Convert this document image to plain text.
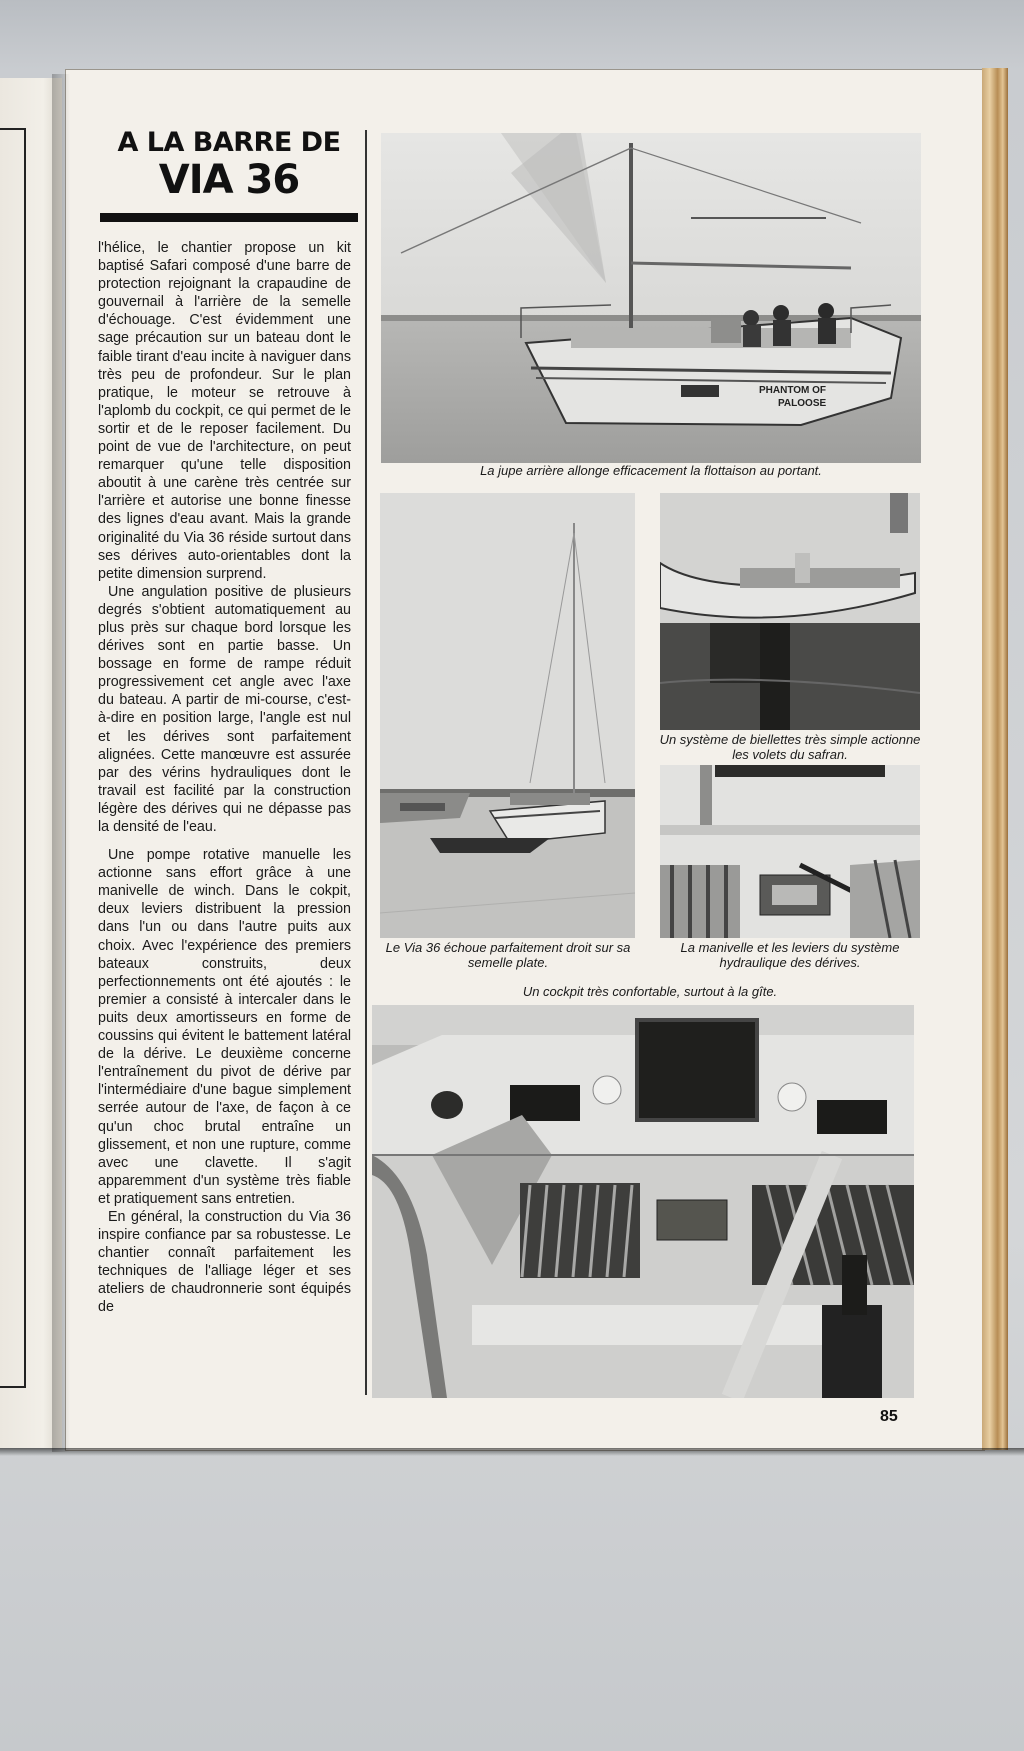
A LA BARRE DE
VIA 36

l'hélice, le chantier propose un kit baptisé Safari composé d'une barre de protection rejoignant la crapaudine de gouvernail à l'arrière de la semelle d'échouage. C'est évidemment une sage précaution sur un bateau dont le faible tirant d'eau incite à naviguer dans très peu de profondeur. Sur le plan pratique, le moteur se retrouve à l'aplomb du cockpit, ce qui permet de le sortir et de le reposer facilement. Du point de vue de l'architecture, on peut remarquer qu'une telle disposition aboutit à une carène très centrée sur l'arrière et autorise une bonne finesse des lignes d'eau avant. Mais la grande originalité du Via 36 réside surtout dans ses dérives auto-orientables dont la petite dimension surprend.

Une angulation positive de plusieurs degrés s'obtient automatiquement au plus près sur chaque bord lorsque les dérives sont en partie basse. Un bossage en forme de rampe réduit progressivement cet angle avec l'axe du bateau. A partir de mi-course, c'est-à-dire en position large, l'angle est nul et les dérives sont parfaitement alignées. Cette manœuvre est assurée par des vérins hydrauliques dont le travail est facilité par la construction légère des dérives qui ne dépasse pas la densité de l'eau.

Une pompe rotative manuelle les actionne sans effort grâce à une manivelle de winch. Dans le cokpit, deux leviers distribuent la pression dans l'un ou dans l'autre puits aux choix. Avec l'expérience des premiers bateaux construits, deux perfectionnements ont été ajoutés : le premier a consisté à intercaler dans le puits deux amortisseurs en forme de coussins qui évitent le battement latéral de la dérive. Le deuxième concerne l'entraînement du pivot de dérive par l'intermédiaire d'une bague simplement serrée autour de l'axe, de façon à ce qu'un choc brutal entraîne un glissement, et non une rupture, comme avec une clavette. Il s'agit apparemment d'un système très fiable et pratiquement sans entretien.

En général, la construction du Via 36 inspire confiance par sa robustesse. Le chantier connaît parfaitement les techniques de l'alliage léger et ses ateliers de chaudronnerie sont équipés de

PHANTOM OF
PALOOSE
La jupe arrière allonge efficacement la flottaison au portant.
Le Via 36 échoue parfaitement droit sur sa semelle plate.
Un système de biellettes très simple actionne les volets du safran.
La manivelle et les leviers du système hydraulique des dérives.
Un cockpit très confortable, surtout à la gîte.
85
